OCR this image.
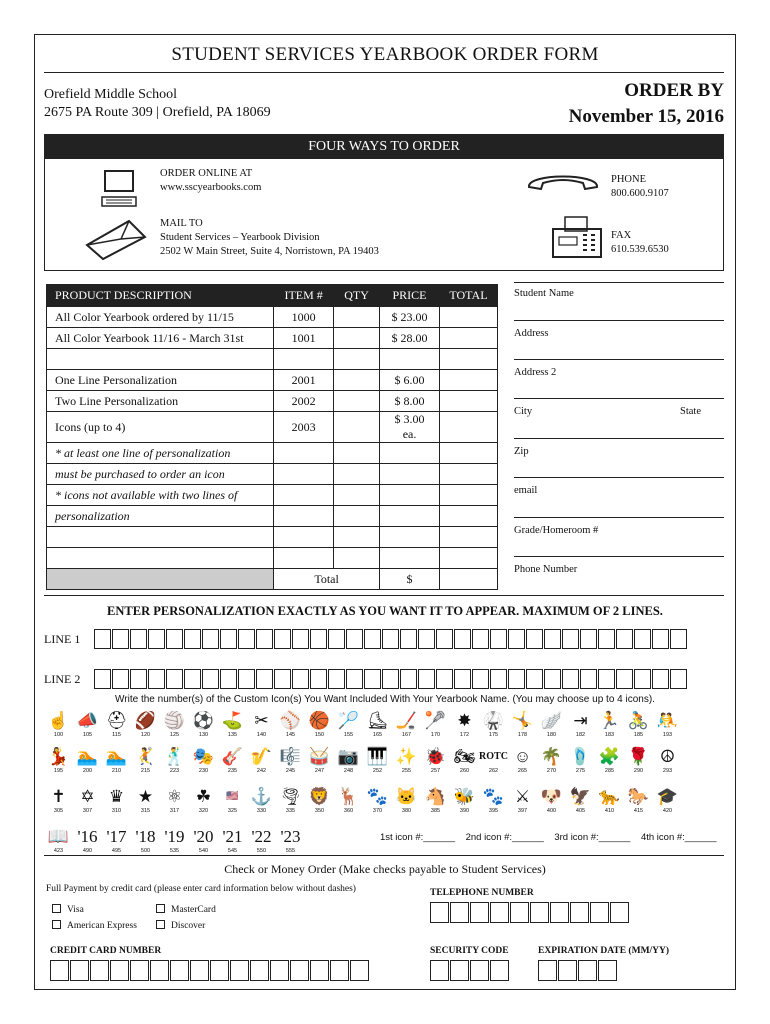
STUDENT SERVICES YEARBOOK ORDER FORM
Orefield Middle School
2675 PA Route 309 | Orefield, PA 18069
ORDER BY
November 15, 2016
FOUR WAYS TO ORDER
ORDER ONLINE AT
www.sscyearbooks.com
MAIL TO
Student Services – Yearbook Division
2502 W Main Street, Suite 4, Norristown, PA 19403
PHONE
800.600.9107
FAX
610.539.6530
PRODUCT DESCRIPTION	ITEM #	QTY	PRICE	TOTAL
All Color Yearbook ordered by 11/15	1000		$ 23.00	
All Color Yearbook 11/16 - March 31st	1001		$ 28.00	

One Line Personalization	2001		$ 6.00	
Two Line Personalization	2002		$ 8.00	
Icons (up to 4)	2003		$ 3.00 ea.	
* at least one line of personalization				
must be purchased to order an icon				
* icons not available with two lines of				
personalization				

	Total		$	
Student Name
Address
Address 2
City	State
Zip
email
Grade/Homeroom #
Phone Number
ENTER PERSONALIZATION EXACTLY AS YOU WANT IT TO APPEAR. MAXIMUM OF 2 LINES.
LINE 1
LINE 2
Write the number(s) of the Custom Icon(s) You Want Included With Your Yearbook Name. (You may choose up to 4 icons).
☝
100
📣
105
⛑
115
🏈
120
🏐
125
⚽
130
⛳
135
✂
140
⚾
145
🏀
150
🏸
155
⛸
165
🏒
167
🥍
170
✸
172
🥋
175
🤸
178
🪽
180
⇥
182
🏃
183
🚴
185
🤼
193
💃
195
🏊
200
🏊
210
🤾
215
🕺
223
🎭
230
🎸
235
🎷
242
🎼
245
🥁
247
📷
248
🎹
252
✨
255
🐞
257
🏍
260
ROTC
262
☺
265
🌴
270
🩴
275
🧩
285
🌹
290
☮
293
✝
305
✡
307
♛
310
★
315
⚛
317
☘
320
🇺🇸
325
⚓
330
🌪
335
🦁
350
🦌
360
🐾
370
🐱
380
🐴
385
🐝
390
🐾
395
⚔
397
🐶
400
🦅
405
🐆
410
🐎
415
🎓
420
📖
423
'16
490
'17
495
'18
500
'19
535
'20
540
'21
545
'22
550
'23
555
1st icon #:______ 2nd icon #:______ 3rd icon #:______ 4th icon #:______
Check or Money Order (Make checks payable to Student Services)
Full Payment by credit card (please enter card information below without dashes)
Visa	MasterCard
American Express	Discover
TELEPHONE NUMBER
CREDIT CARD NUMBER	SECURITY CODE	EXPIRATION DATE (MM/YY)
